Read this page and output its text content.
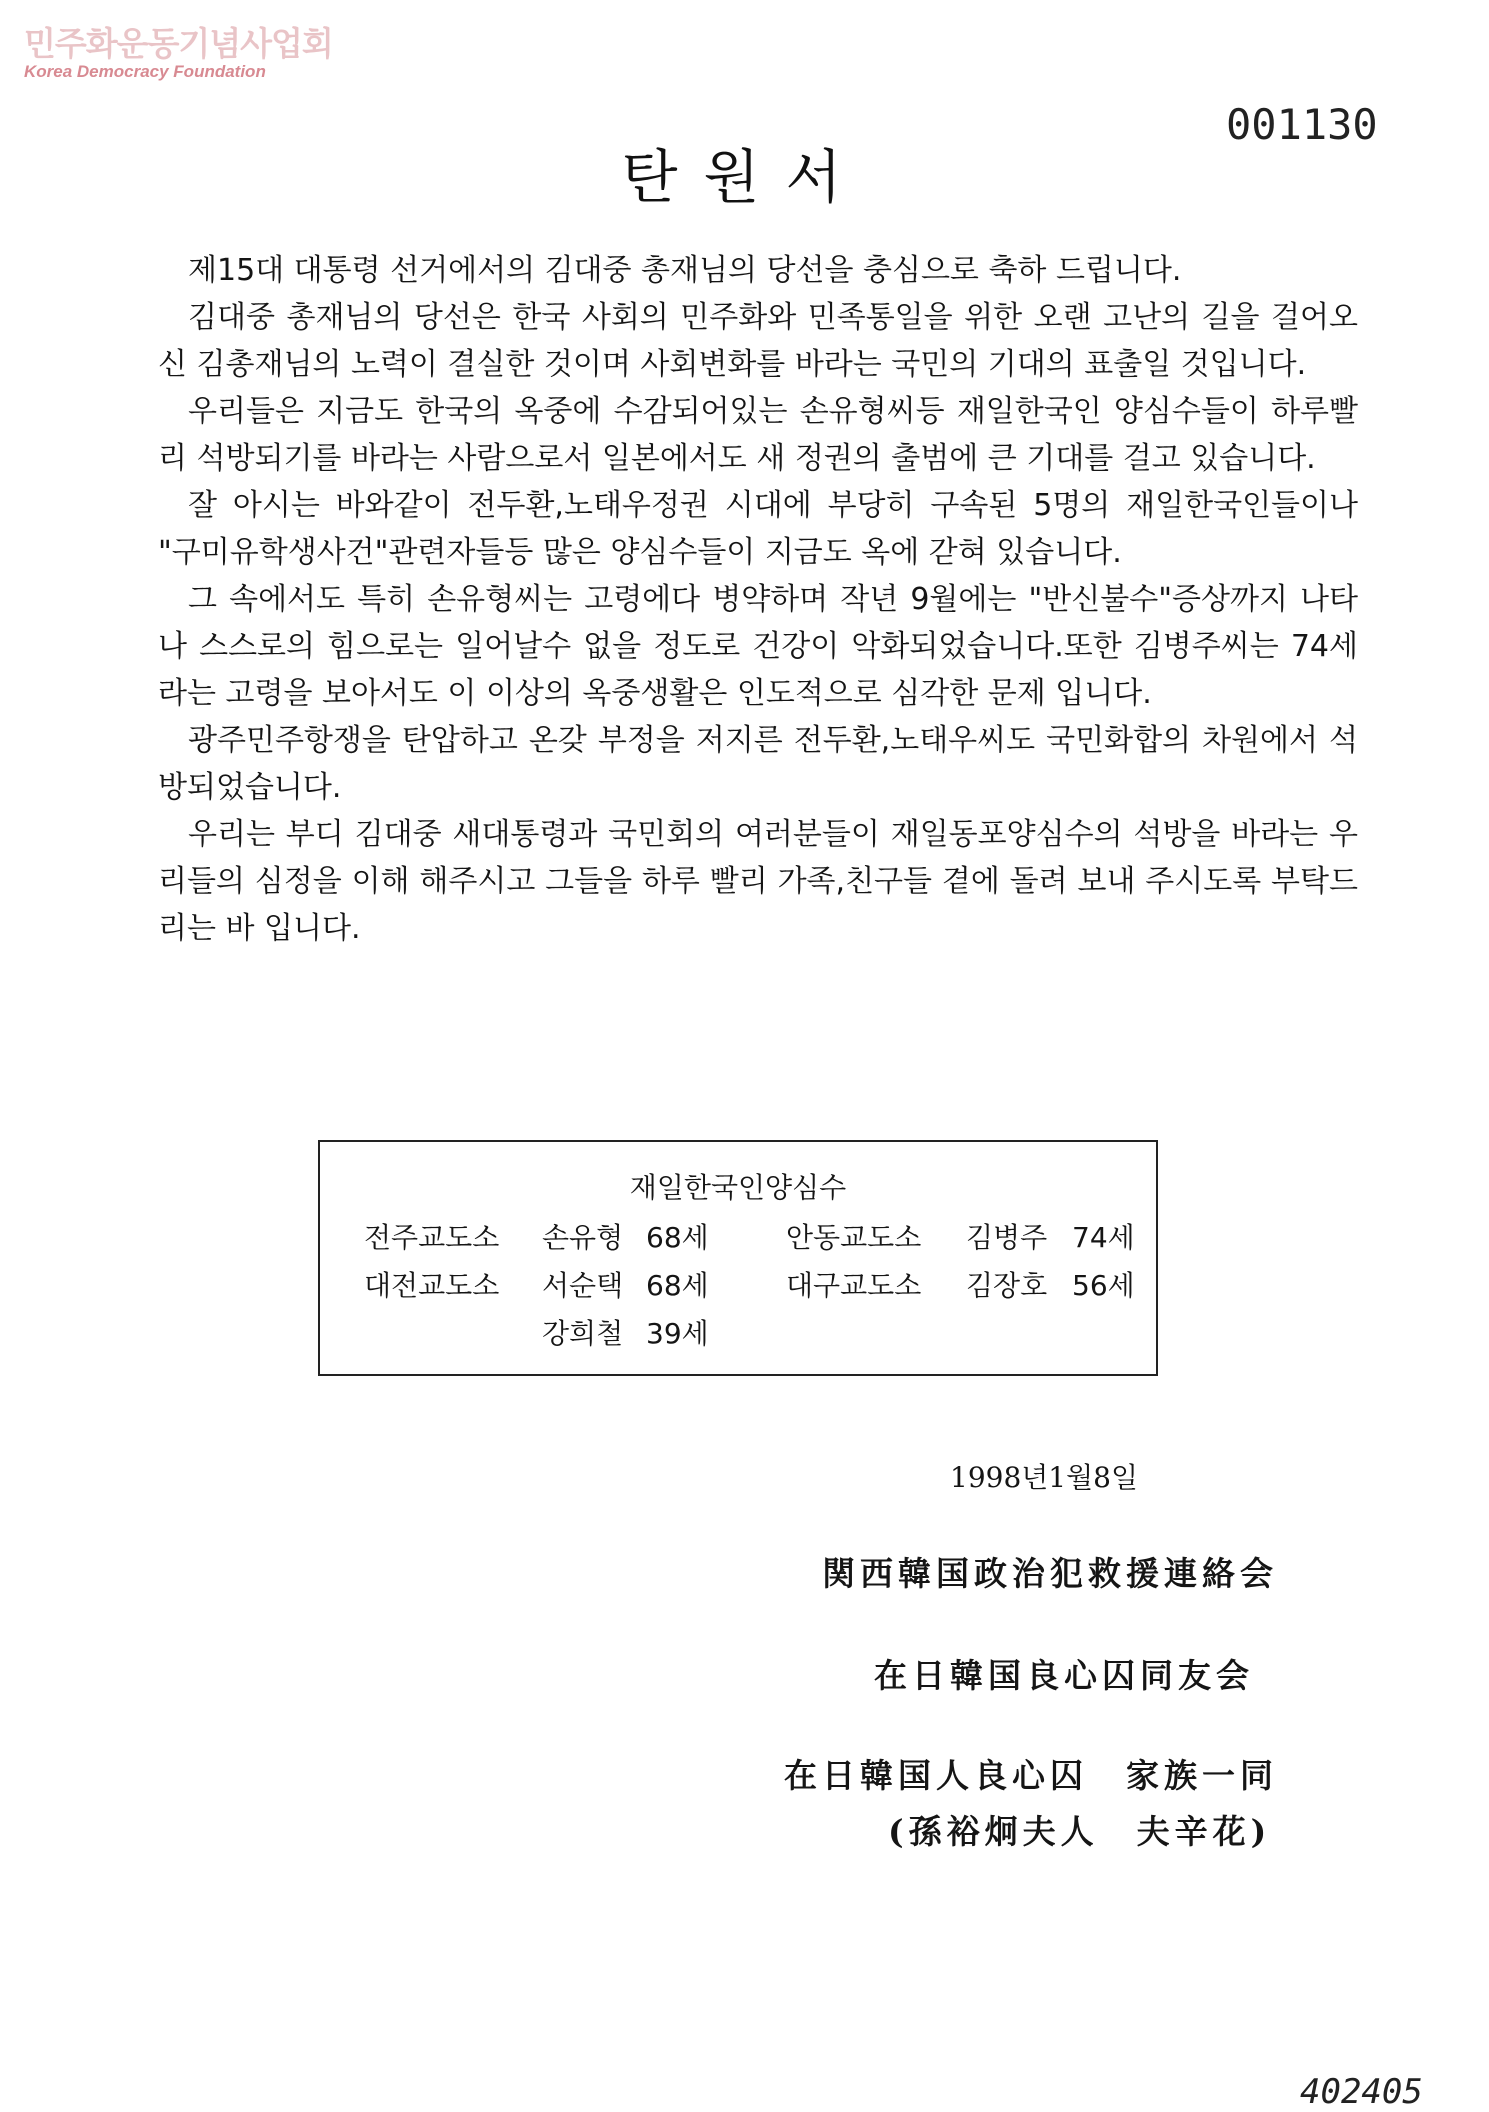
민주화운동기념사업회
Korea Democracy Foundation
001130
탄원서

제15대 대통령 선거에서의 김대중 총재님의 당선을 충심으로 축하 드립니다.

김대중 총재님의 당선은 한국 사회의 민주화와 민족통일을 위한 오랜 고난의 길을 걸어오신 김총재님의 노력이 결실한 것이며 사회변화를 바라는 국민의 기대의 표출일 것입니다.

우리들은 지금도 한국의 옥중에 수감되어있는 손유형씨등 재일한국인 양심수들이 하루빨리 석방되기를 바라는 사람으로서 일본에서도 새 정권의 출범에 큰 기대를 걸고 있습니다.

잘 아시는 바와같이 전두환,노태우정권 시대에 부당히 구속된 5명의 재일한국인들이나 "구미유학생사건"관련자들등 많은 양심수들이 지금도 옥에 갇혀 있습니다.

그 속에서도 특히 손유형씨는 고령에다 병약하며 작년 9월에는 "반신불수"증상까지 나타나 스스로의 힘으로는 일어날수 없을 정도로 건강이 악화되었습니다.또한 김병주씨는 74세라는 고령을 보아서도 이 이상의 옥중생활은 인도적으로 심각한 문제 입니다.

광주민주항쟁을 탄압하고 온갖 부정을 저지른 전두환,노태우씨도 국민화합의 차원에서 석방되었습니다.

우리는 부디 김대중 새대통령과 국민회의 여러분들이 재일동포양심수의 석방을 바라는 우리들의 심정을 이해 해주시고 그들을 하루 빨리 가족,친구들 곁에 돌려 보내 주시도록 부탁드리는 바 입니다.

재일한국인양심수
전주교도소 손유형 68세
대전교도소 서순택 68세
강희철 39세
안동교도소 김병주 74세
대구교도소 김장호 56세
1998년1월8일
関西韓国政治犯救援連絡会
在日韓国良心囚同友会
在日韓国人良心囚　家族一同
(孫裕炯夫人　夫辛花)
402405
